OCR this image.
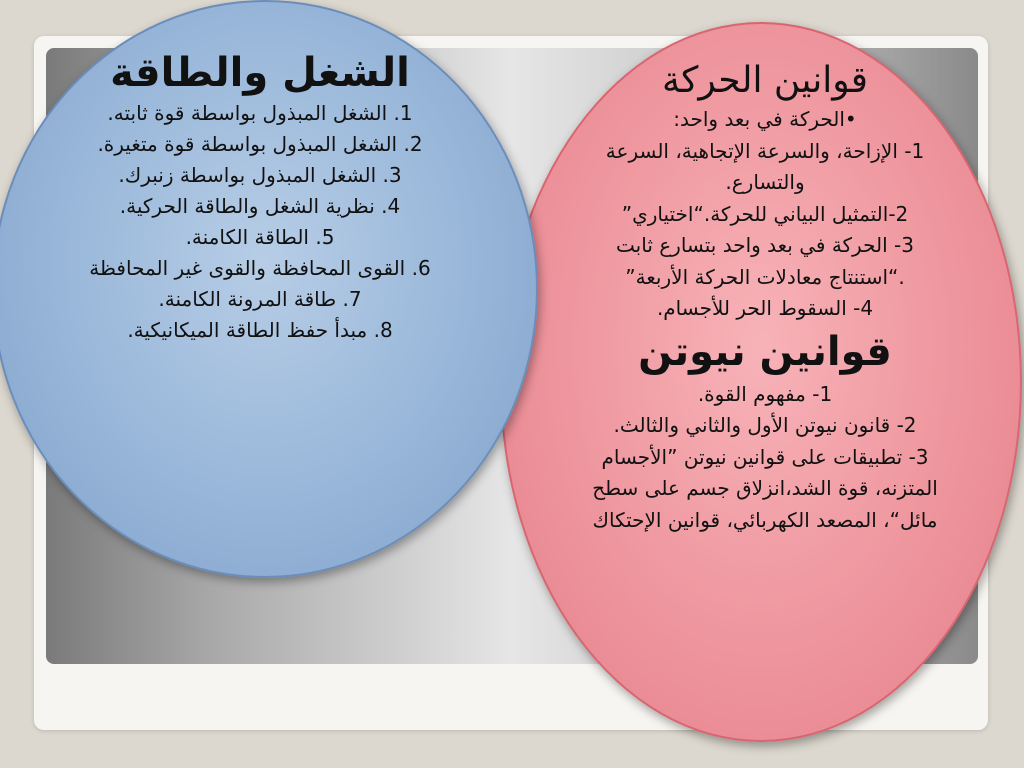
الشغل والطاقة

1. الشغل المبذول بواسطة قوة ثابته.

2. الشغل المبذول بواسطة قوة متغيرة.

3. الشغل المبذول بواسطة زنبرك.

4. نظرية الشغل والطاقة الحركية.

5. الطاقة الكامنة.

6. القوى المحافظة والقوى غير المحافظة

7. طاقة المرونة الكامنة.

8. مبدأ حفظ الطاقة الميكانيكية.

قوانين الحركة

•الحركة في بعد واحد:

1- الإزاحة، والسرعة الإتجاهية، السرعة والتسارع.

2-التمثيل البياني للحركة.“اختياري”

3- الحركة في بعد واحد بتسارع ثابت .“استنتاج معادلات الحركة الأربعة”

4- السقوط الحر للأجسام.

قوانين نيوتن

1- مفهوم القوة.

2- قانون نيوتن الأول والثاني والثالث.

3- تطبيقات على قوانين نيوتن ”الأجسام المتزنه، قوة الشد،انزلاق جسم على سطح مائل“، المصعد الكهربائي، قوانين الإحتكاك
